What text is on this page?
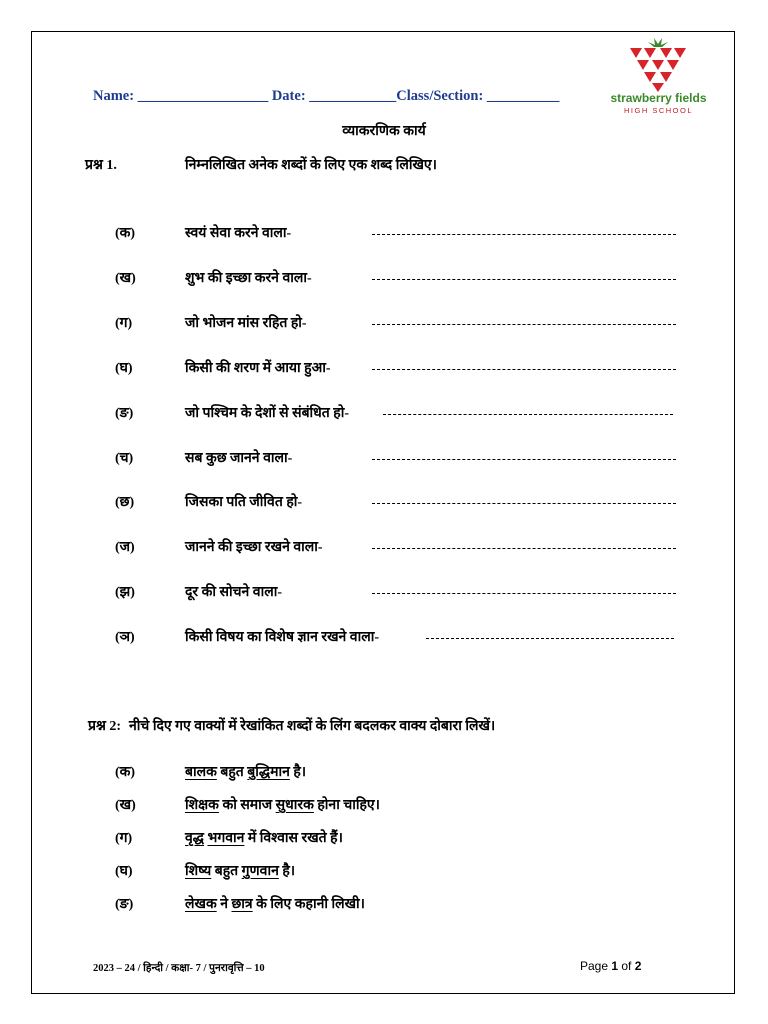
Name: __________________ Date: ____________Class/Section: __________	strawberry fields
HIGH SCHOOL
व्याकरणिक कार्य
प्रश्न 1.	निम्नलिखित अनेक शब्दों के लिए एक शब्द लिखिए।
(क)	स्वयं सेवा करने वाला-
(ख)	शुभ की इच्छा करने वाला-
(ग)	जो भोजन मांस रहित हो-
(घ)	किसी की शरण में आया हुआ-
(ङ)	जो पश्चिम के देशों से संबंधित हो-
(च)	सब कुछ जानने वाला-
(छ)	जिसका पति जीवित हो-
(ज)	जानने की इच्छा रखने वाला-
(झ)	दूर की सोचने वाला-
(ञ)	किसी विषय का विशेष ज्ञान रखने वाला-
प्रश्न 2: नीचे दिए गए वाक्यों में रेखांकित शब्दों के लिंग बदलकर वाक्य दोबारा लिखें।
(क)	बालक बहुत बुद्धिमान है।
(ख)	शिक्षक को समाज सुधारक होना चाहिए।
(ग)	वृद्ध भगवान में विश्वास रखते हैं।
(घ)	शिष्य बहुत गुणवान है।
(ङ)	लेखक ने छात्र के लिए कहानी लिखी।
2023 – 24 / हिन्दी / कक्षा- 7 / पुनरावृत्ति – 10	Page 1 of 2
